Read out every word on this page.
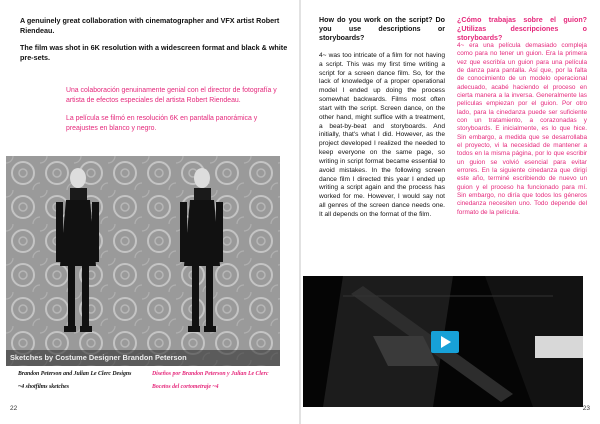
A genuinely great collaboration with cinematographer and VFX artist Robert Riendeau.

The film was shot in 6K resolution with a widescreen format and black & white pre-sets.

Una colaboración genuinamente genial con el director de fotografía y artista de efectos especiales del artista Robert Riendeau.

La película se filmó en resolución 6K en pantalla panorámica y preajustes en blanco y negro.

Sketches by Costume Designer Brandon Peterson
Brandon Peterson and Julian Le Clerc Designs	Diseños por Brandon Peterson y Julian Le Clerc
~4 shotfilms sketches	Bocetos del cortometraje ~4
22
How do you work on the script? Do you use descriptions or storyboards?
4~ was too intricate of a film for not having a script. This was my first time writing a script for a screen dance film. So, for the lack of knowledge of a proper operational model I ended up doing the process somewhat backwards. Films most often start with the script. Screen dance, on the other hand, might suffice with a treatment, a beat-by-beat and storyboards. And initially, that's what I did. However, as the project developed I realized the needed to keep everyone on the same page, so writing in script format became essential to avoid mistakes. In the following screen dance film I directed this year I ended up writing a script again and the process has worked for me. However, I would say not all genres of the screen dance needs one. It all depends on the format of the film.
¿Cómo trabajas sobre el guion? ¿Utilizas descripciones o storyboards?
4~ era una película demasiado compleja como para no tener un guion. Era la primera vez que escribía un guion para una película de danza para pantalla. Así que, por la falta de conocimiento de un modelo operacional adecuado, acabé haciendo el proceso en cierta manera a la inversa. Generalmente las películas empiezan por el guion. Por otro lado, para la cinedanza puede ser suficiente con un tratamiento, a corazonadas y storyboards. E inicialmente, es lo que hice. Sin embargo, a medida que se desarrollaba el proyecto, vi la necesidad de mantener a todos en la misma página, por lo que escribir un guion se volvió esencial para evitar errores. En la siguiente cinedanza que dirigí este año, terminé escribiendo de nuevo un guion y el proceso ha funcionado para mí. Sin embargo, no diría que todos los géneros cinedanza necesiten uno. Todo depende del formato de la película.
23
